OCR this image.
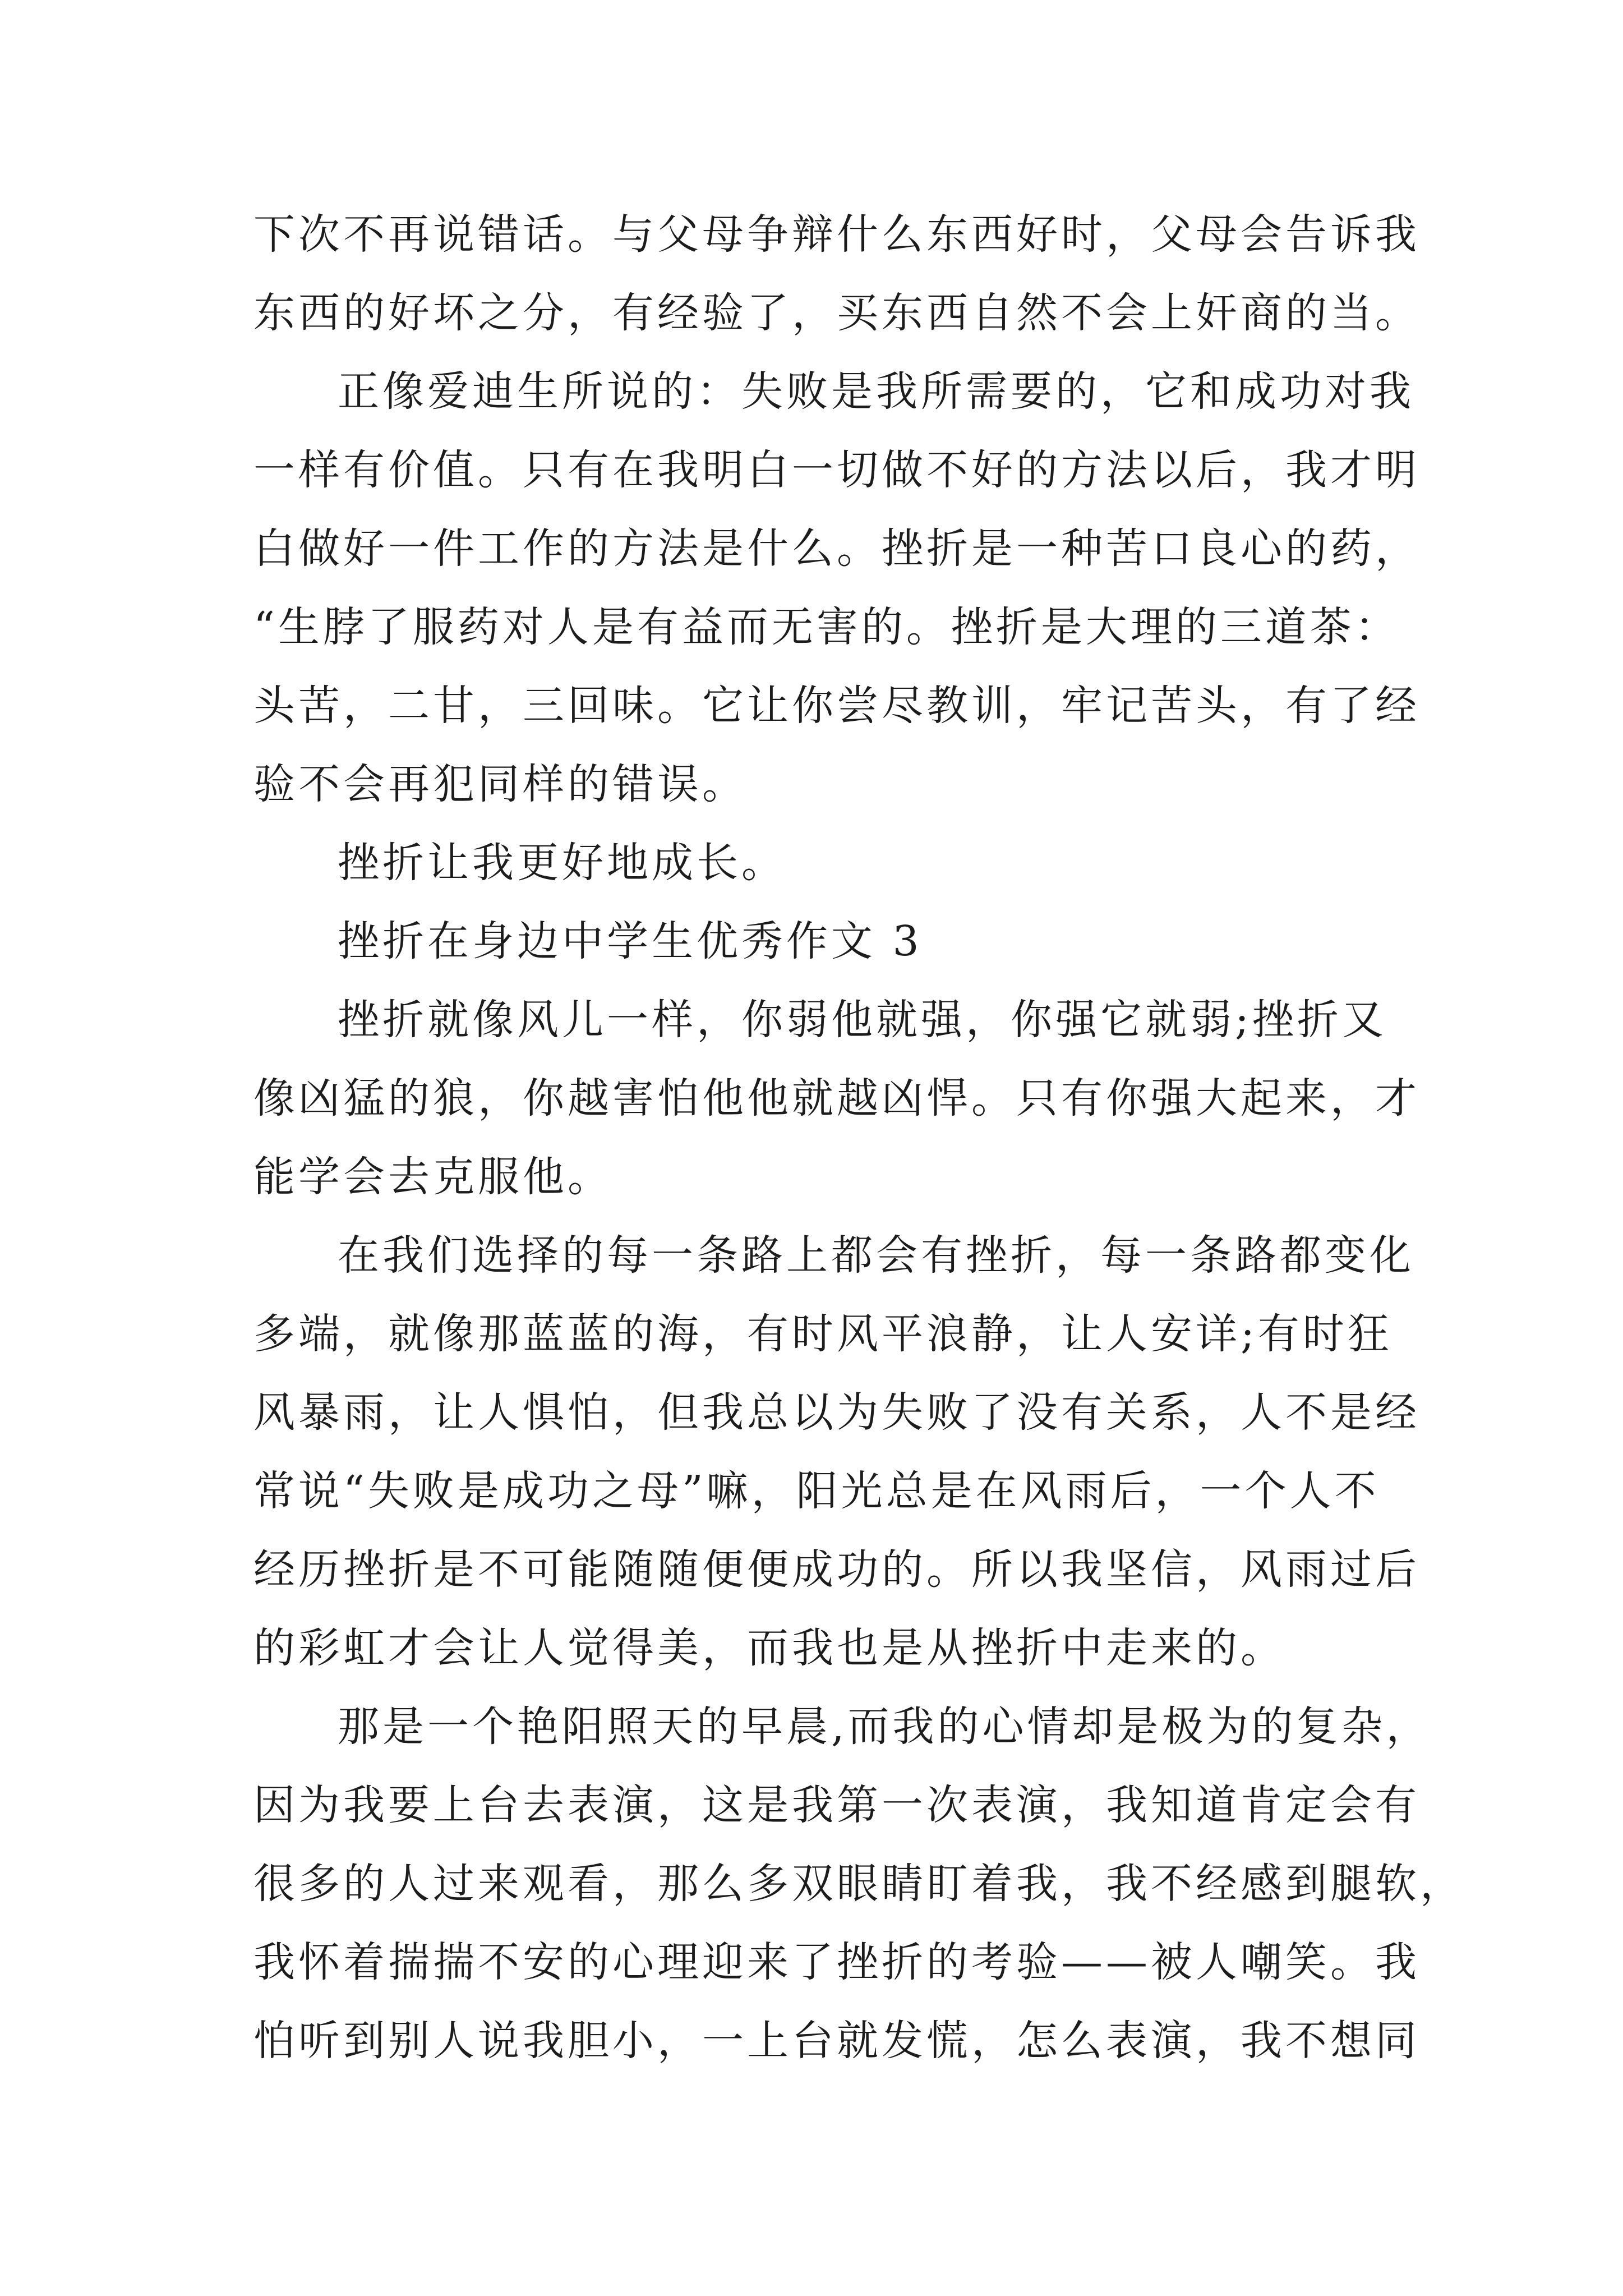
下次不再说错话。与父母争辩什么东西好时，父母会告诉我
东西的好坏之分，有经验了，买东西自然不会上奸商的当。
正像爱迪生所说的：失败是我所需要的，它和成功对我
一样有价值。只有在我明白一切做不好的方法以后，我才明
白做好一件工作的方法是什么。挫折是一种苦口良心的药，
“生脖了服药对人是有益而无害的。挫折是大理的三道茶：
头苦，二甘，三回味。它让你尝尽教训，牢记苦头，有了经
验不会再犯同样的错误。
挫折让我更好地成长。
挫折在身边中学生优秀作文 3
挫折就像风儿一样，你弱他就强，你强它就弱;挫折又
像凶猛的狼，你越害怕他他就越凶悍。只有你强大起来，才
能学会去克服他。
在我们选择的每一条路上都会有挫折，每一条路都变化
多端，就像那蓝蓝的海，有时风平浪静，让人安详;有时狂
风暴雨，让人惧怕，但我总以为失败了没有关系，人不是经
常说“失败是成功之母”嘛，阳光总是在风雨后，一个人不
经历挫折是不可能随随便便成功的。所以我坚信，风雨过后
的彩虹才会让人觉得美，而我也是从挫折中走来的。
那是一个艳阳照天的早晨,而我的心情却是极为的复杂，
因为我要上台去表演，这是我第一次表演，我知道肯定会有
很多的人过来观看，那么多双眼睛盯着我，我不经感到腿软，
我怀着揣揣不安的心理迎来了挫折的考验——被人嘲笑。我
怕听到别人说我胆小，一上台就发慌，怎么表演，我不想同
